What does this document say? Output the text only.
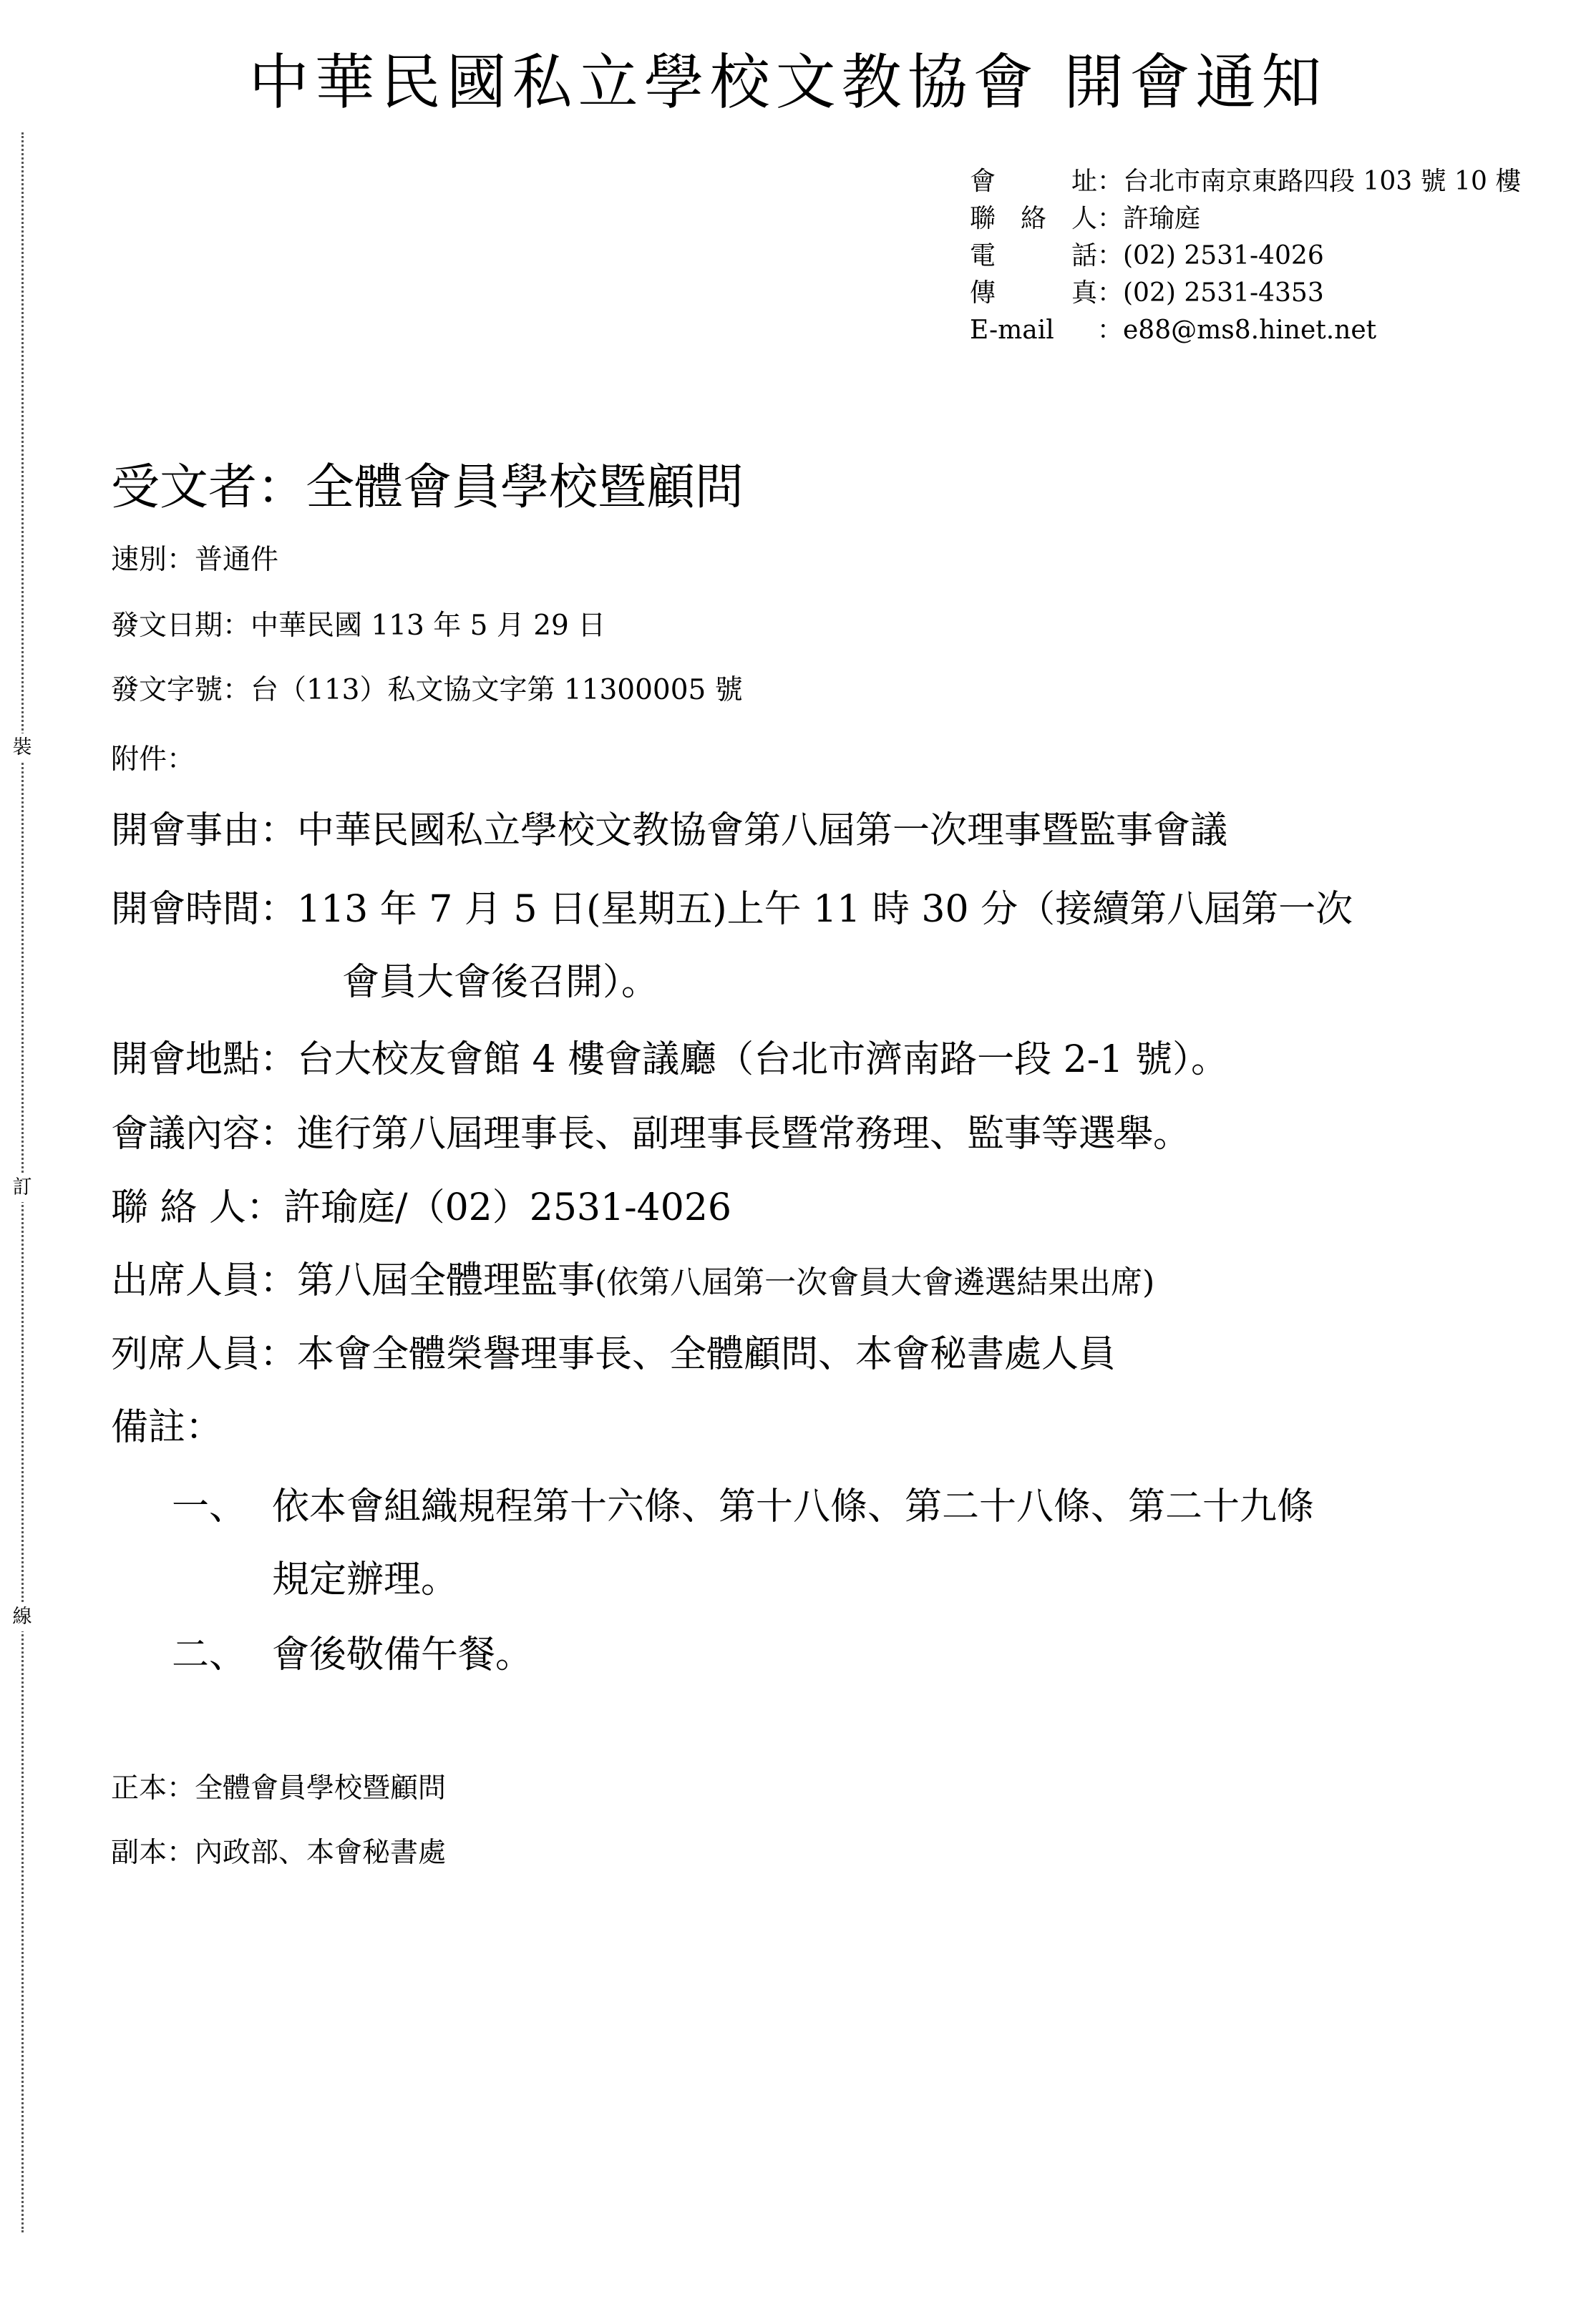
裝
訂
線
中華民國私立學校文教協會 開會通知
會 址 ：台北市南京東路四段 103 號 10 樓
聯 絡 人 ：許瑜庭
電 話 ：(02) 2531-4026
傳 真 ：(02) 2531-4353
E-mail	：e88@ms8.hinet.net
受文者：全體會員學校暨顧問
速別：普通件
發文日期：中華民國 113 年 5 月 29 日
發文字號：台（113）私文協文字第 11300005 號
附件：
開會事由：中華民國私立學校文教協會第八屆第一次理事暨監事會議
開會時間：113 年 7 月 5 日(星期五)上午 11 時 30 分（接續第八屆第一次
會員大會後召開）。
開會地點：台大校友會館 4 樓會議廳（台北市濟南路一段 2-1 號）。
會議內容：進行第八屆理事長、副理事長暨常務理、監事等選舉。
聯 絡 人：許瑜庭/（02）2531-4026
出席人員：第八屆全體理監事(依第八屆第一次會員大會遴選結果出席)
列席人員：本會全體榮譽理事長、全體顧問、本會秘書處人員
備註：
一、 依本會組織規程第十六條、第十八條、第二十八條、第二十九條
規定辦理。
二、 會後敬備午餐。
正本：全體會員學校暨顧問
副本：內政部、本會秘書處
